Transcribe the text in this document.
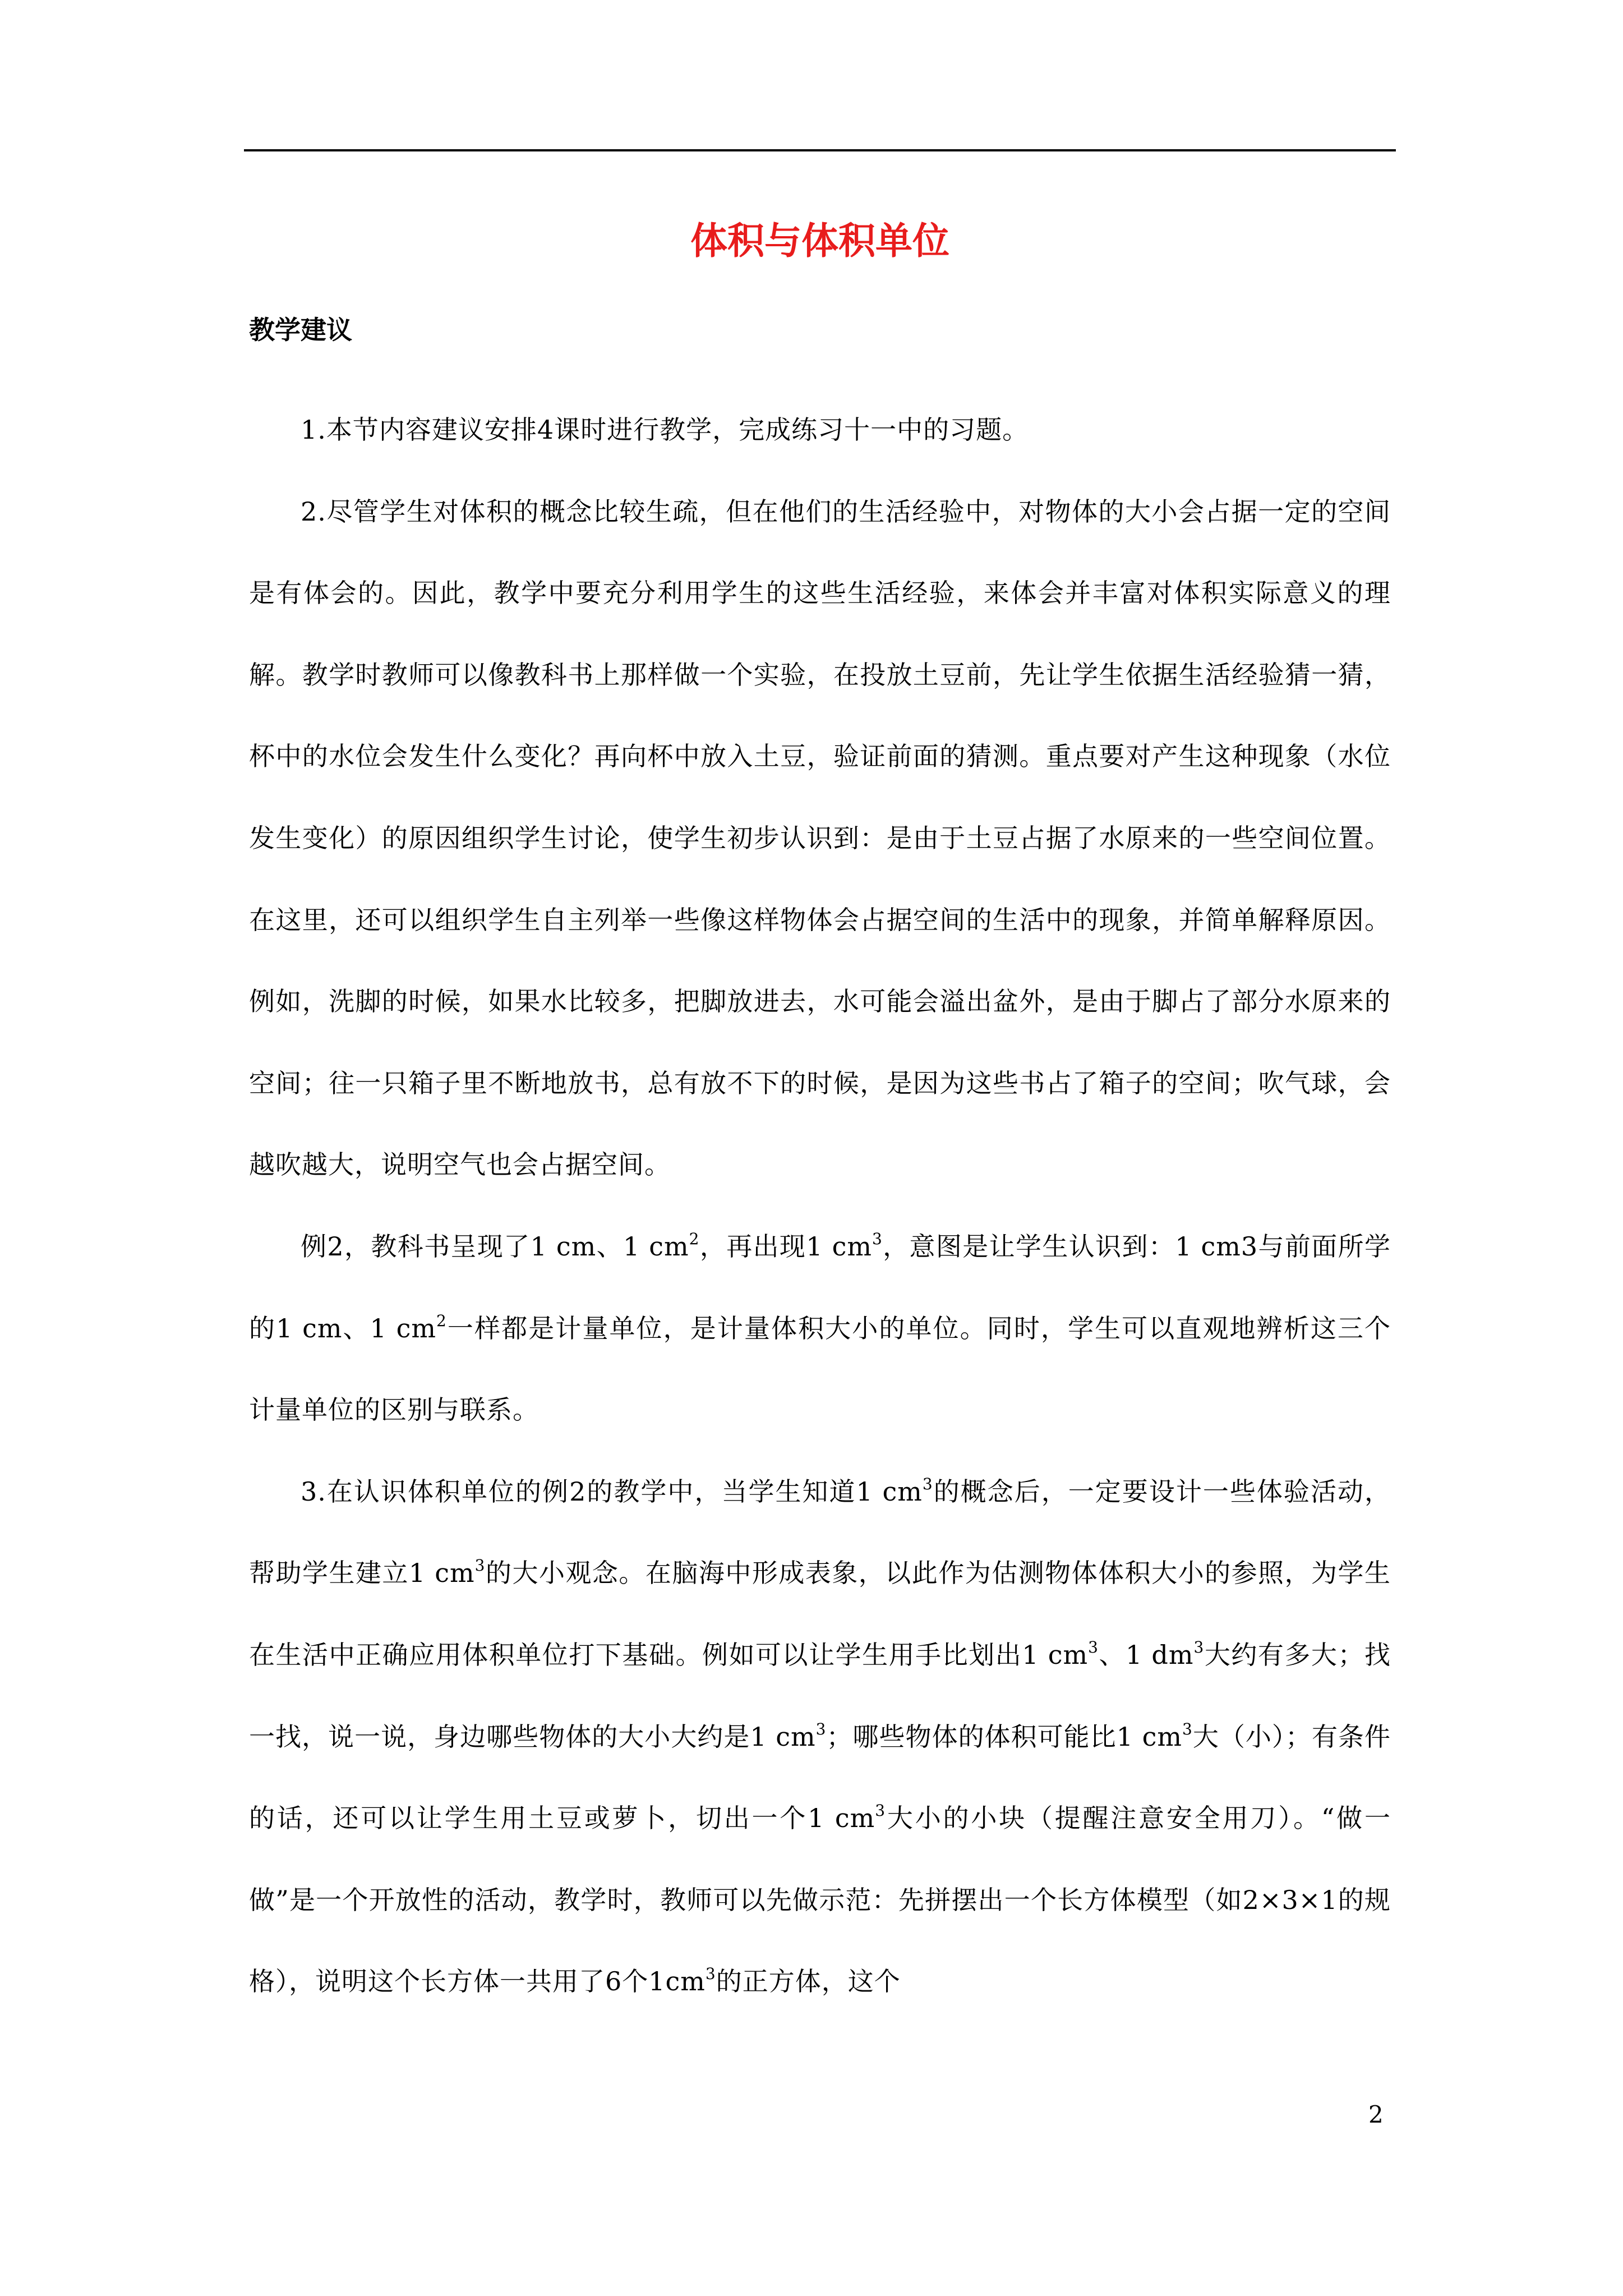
体积与体积单位
教学建议

1.本节内容建议安排4课时进行教学，完成练习十一中的习题。

2.尽管学生对体积的概念比较生疏，但在他们的生活经验中，对物体的大小会占据一定的空间是有体会的。因此，教学中要充分利用学生的这些生活经验，来体会并丰富对体积实际意义的理解。教学时教师可以像教科书上那样做一个实验，在投放土豆前，先让学生依据生活经验猜一猜，杯中的水位会发生什么变化？再向杯中放入土豆，验证前面的猜测。重点要对产生这种现象（水位发生变化）的原因组织学生讨论，使学生初步认识到：是由于土豆占据了水原来的一些空间位置。在这里，还可以组织学生自主列举一些像这样物体会占据空间的生活中的现象，并简单解释原因。例如，洗脚的时候，如果水比较多，把脚放进去，水可能会溢出盆外，是由于脚占了部分水原来的空间；往一只箱子里不断地放书，总有放不下的时候，是因为这些书占了箱子的空间；吹气球，会越吹越大，说明空气也会占据空间。

例2，教科书呈现了1 cm、1 $cm^2$，再出现1 $cm^3$，意图是让学生认识到：1 cm3与前面所学的1 cm、1 $cm^2$一样都是计量单位，是计量体积大小的单位。同时，学生可以直观地辨析这三个计量单位的区别与联系。

3.在认识体积单位的例2的教学中，当学生知道1 $cm^3$的概念后，一定要设计一些体验活动，帮助学生建立1 $cm^3$的大小观念。在脑海中形成表象，以此作为估测物体体积大小的参照，为学生在生活中正确应用体积单位打下基础。例如可以让学生用手比划出1 $cm^3$、1 $dm^3$大约有多大；找一找，说一说，身边哪些物体的大小大约是1 $cm^3$；哪些物体的体积可能比1 $cm^3$大（小）；有条件的话，还可以让学生用土豆或萝卜，切出一个1 $cm^3$大小的小块（提醒注意安全用刀）。“做一做”是一个开放性的活动，教学时，教师可以先做示范：先拼摆出一个长方体模型（如2×3×1的规格），说明这个长方体一共用了6个$1cm^3$的正方体，这个

2
